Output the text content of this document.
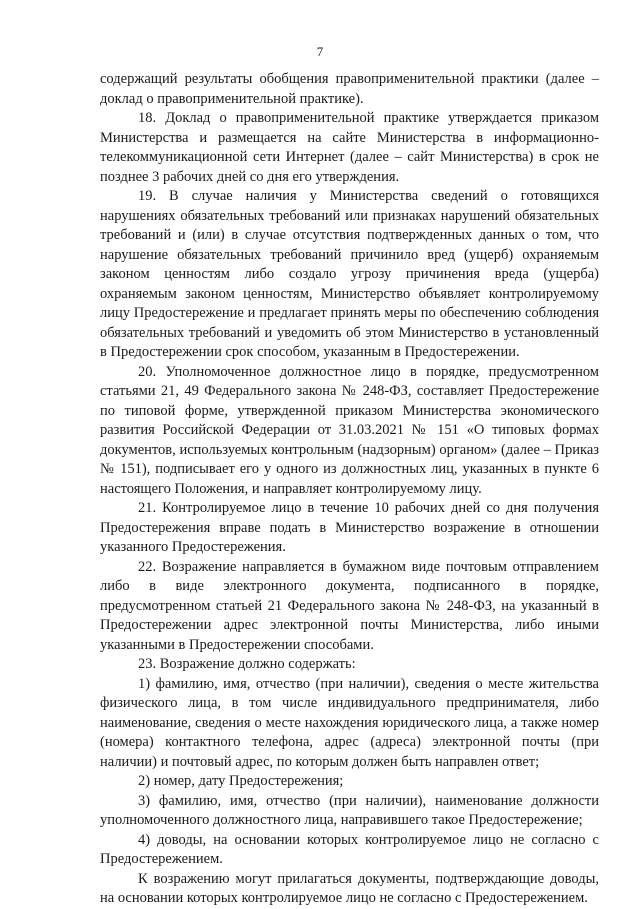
7

содержащий результаты обобщения правоприменительной практики (далее – доклад о правоприменительной практике).

18. Доклад о правоприменительной практике утверждается приказом Министерства и размещается на сайте Министерства в информационно-телекоммуникационной сети Интернет (далее – сайт Министерства) в срок не позднее 3 рабочих дней со дня его утверждения.

19. В случае наличия у Министерства сведений о готовящихся нарушениях обязательных требований или признаках нарушений обязательных требований и (или) в случае отсутствия подтвержденных данных о том, что нарушение обязательных требований причинило вред (ущерб) охраняемым законом ценностям либо создало угрозу причинения вреда (ущерба) охраняемым законом ценностям, Министерство объявляет контролируемому лицу Предостережение и предлагает принять меры по обеспечению соблюдения обязательных требований и уведомить об этом Министерство в установленный в Предостережении срок способом, указанным в Предостережении.

20. Уполномоченное должностное лицо в порядке, предусмотренном статьями 21, 49 Федерального закона № 248-ФЗ, составляет Предостережение по типовой форме, утвержденной приказом Министерства экономического развития Российской Федерации от 31.03.2021 № 151 «О типовых формах документов, используемых контрольным (надзорным) органом» (далее – Приказ № 151), подписывает его у одного из должностных лиц, указанных в пункте 6 настоящего Положения, и направляет контролируемому лицу.

21. Контролируемое лицо в течение 10 рабочих дней со дня получения Предостережения вправе подать в Министерство возражение в отношении указанного Предостережения.

22. Возражение направляется в бумажном виде почтовым отправлением либо в виде электронного документа, подписанного в порядке, предусмотренном статьей 21 Федерального закона № 248-ФЗ, на указанный в Предостережении адрес электронной почты Министерства, либо иными указанными в Предостережении способами.

23. Возражение должно содержать:

1) фамилию, имя, отчество (при наличии), сведения о месте жительства физического лица, в том числе индивидуального предпринимателя, либо наименование, сведения о месте нахождения юридического лица, а также номер (номера) контактного телефона, адрес (адреса) электронной почты (при наличии) и почтовый адрес, по которым должен быть направлен ответ;

2) номер, дату Предостережения;

3) фамилию, имя, отчество (при наличии), наименование должности уполномоченного должностного лица, направившего такое Предостережение;

4) доводы, на основании которых контролируемое лицо не согласно с Предостережением.

К возражению могут прилагаться документы, подтверждающие доводы, на основании которых контролируемое лицо не согласно с Предостережением.
